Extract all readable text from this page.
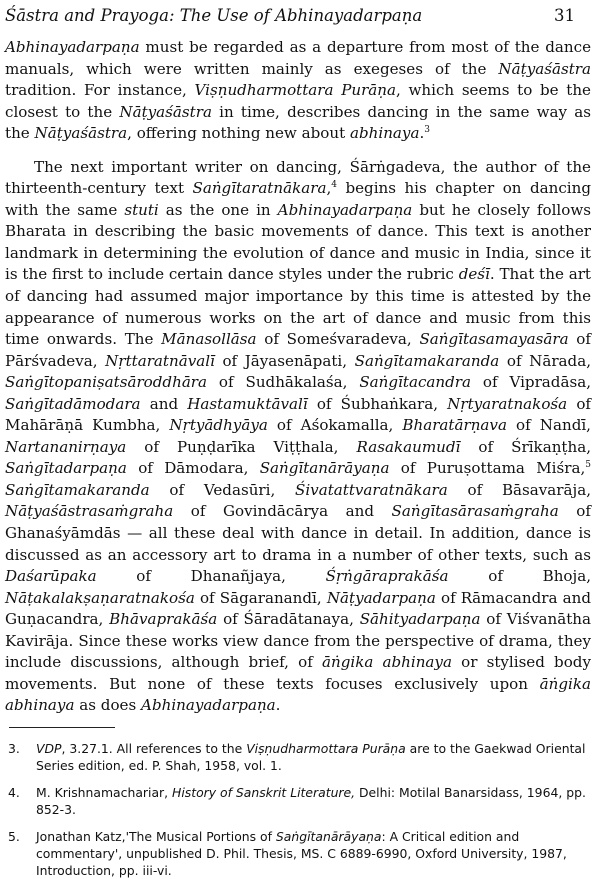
Śāstra and Prayoga: The Use of Abhinayadarpaṇa	31

Abhinayadarpaṇa must be regarded as a departure from most of the dance manuals, which were written mainly as exegeses of the Nāṭyaśāstra tradition. For instance, Viṣṇudharmottara Purāṇa, which seems to be the closest to the Nāṭyaśāstra in time, describes dancing in the same way as the Nāṭyaśāstra, offering nothing new about abhinaya.$^3$

The next important writer on dancing, Śārṅgadeva, the author of the thirteenth-century text Saṅgītaratnākara,$^4$ begins his chapter on dancing with the same stuti as the one in Abhinayadarpaṇa but he closely follows Bharata in describing the basic movements of dance. This text is another landmark in determining the evolution of dance and music in India, since it is the first to include certain dance styles under the rubric deśī. That the art of dancing had assumed major importance by this time is attested by the appearance of numerous works on the art of dance and music from this time onwards. The Mānasollāsa of Someśvaradeva, Saṅgītasamayasāra of Pārśvadeva, Nṛttaratnāvalī of Jāyasenāpati, Saṅgītamakaranda of Nārada, Saṅgītopaniṣatsāroddhāra of Sudhākalaśa, Saṅgītacandra of Vipradāsa, Saṅgītadāmodara and Hastamuktāvalī of Śubhaṅkara, Nṛtyaratnakośa of Mahārāṇā Kumbha, Nṛtyādhyāya of Aśokamalla, Bharatārṇava of Nandī, Nartananirṇaya of Puṇḍarīka Viṭṭhala, Rasakaumudī of Śrīkaṇṭha, Saṅgītadarpaṇa of Dāmodara, Saṅgītanārāyaṇa of Puruṣottama Miśra,$^5$ Saṅgītamakaranda of Vedasūri, Śivatattvaratnākara of Bāsavarāja, Nāṭyaśāstrasaṁgraha of Govindācārya and Saṅgītasārasaṁgraha of Ghanaśyāmdās — all these deal with dance in detail. In addition, dance is discussed as an accessory art to drama in a number of other texts, such as Daśarūpaka of Dhanañjaya, Śṛṅgāraprakāśa of Bhoja, Nāṭakalakṣaṇaratnakośa of Sāgaranandī, Nāṭyadarpaṇa of Rāmacandra and Guṇacandra, Bhāvaprakāśa of Śāradātanaya, Sāhityadarpaṇa of Viśvanātha Kavirāja. Since these works view dance from the perspective of drama, they include discussions, although brief, of āṅgika abhinaya or stylised body movements. But none of these texts focuses exclusively upon āṅgika abhinaya as does Abhinayadarpaṇa.

3.	VDP, 3.27.1. All references to the Viṣṇudharmottara Purāṇa are to the Gaekwad Oriental Series edition, ed. P. Shah, 1958, vol. 1.
4.	M. Krishnamachariar, History of Sanskrit Literature, Delhi: Motilal Banarsidass, 1964, pp. 852-3.
5.	Jonathan Katz,'The Musical Portions of Saṅgītanārāyaṇa: A Critical edition and commentary', unpublished D. Phil. Thesis, MS. C 6889-6990, Oxford University, 1987, Introduction, pp. iii-vi.
